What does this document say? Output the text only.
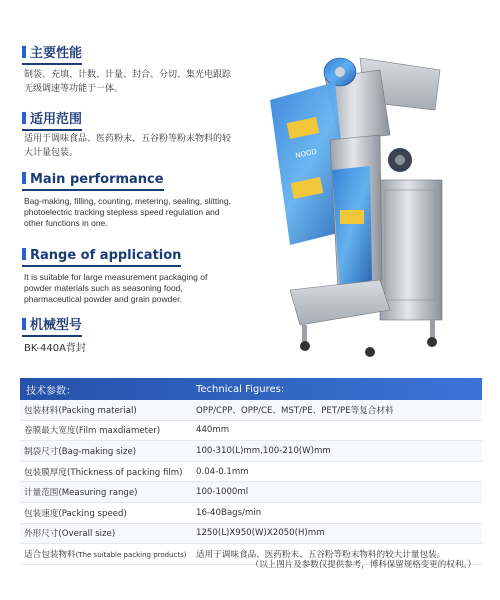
主要性能
制袋、充填、计数、计量、封合、分切、集光电跟踪无级调速等功能于一体。
适用范围
适用于调味食品、医药粉末、五谷粉等粉末物料的较大计量包装。
Main performance
Bag-making, filling, counting, metering, sealing, slitting, photoelectric tracking stepless speed regulation and other functions in one.
Range of application
It is suitable for large measurement packaging of powder materials such as seasoning food, pharmaceutical powder and grain powder.
机械型号
BK-440A背封
NOOD
技术参数：	Technical Figures:
包装材料(Packing material)	OPP/CPP、OPP/CE、MST/PE、PET/PE等复合材料
卷膜最大宽度(Film maxdiameter)	440mm
制袋尺寸(Bag-making size)	100-310(L)mm,100-210(W)mm
包装膜厚度(Thickness of packing film)	0.04-0.1mm
计量范围(Measuring range)	100-1000ml
包装速度(Packing speed)	16-40Bags/min
外形尺寸(Overall size)	1250(L)X950(W)X2050(H)mm
适合包装物料(The suitable packing products)	适用于调味食品、医药粉末、五谷粉等粉末物料的较大计量包装。
（以上图片及参数仅提供参考，博科保留规格变更的权利。）
